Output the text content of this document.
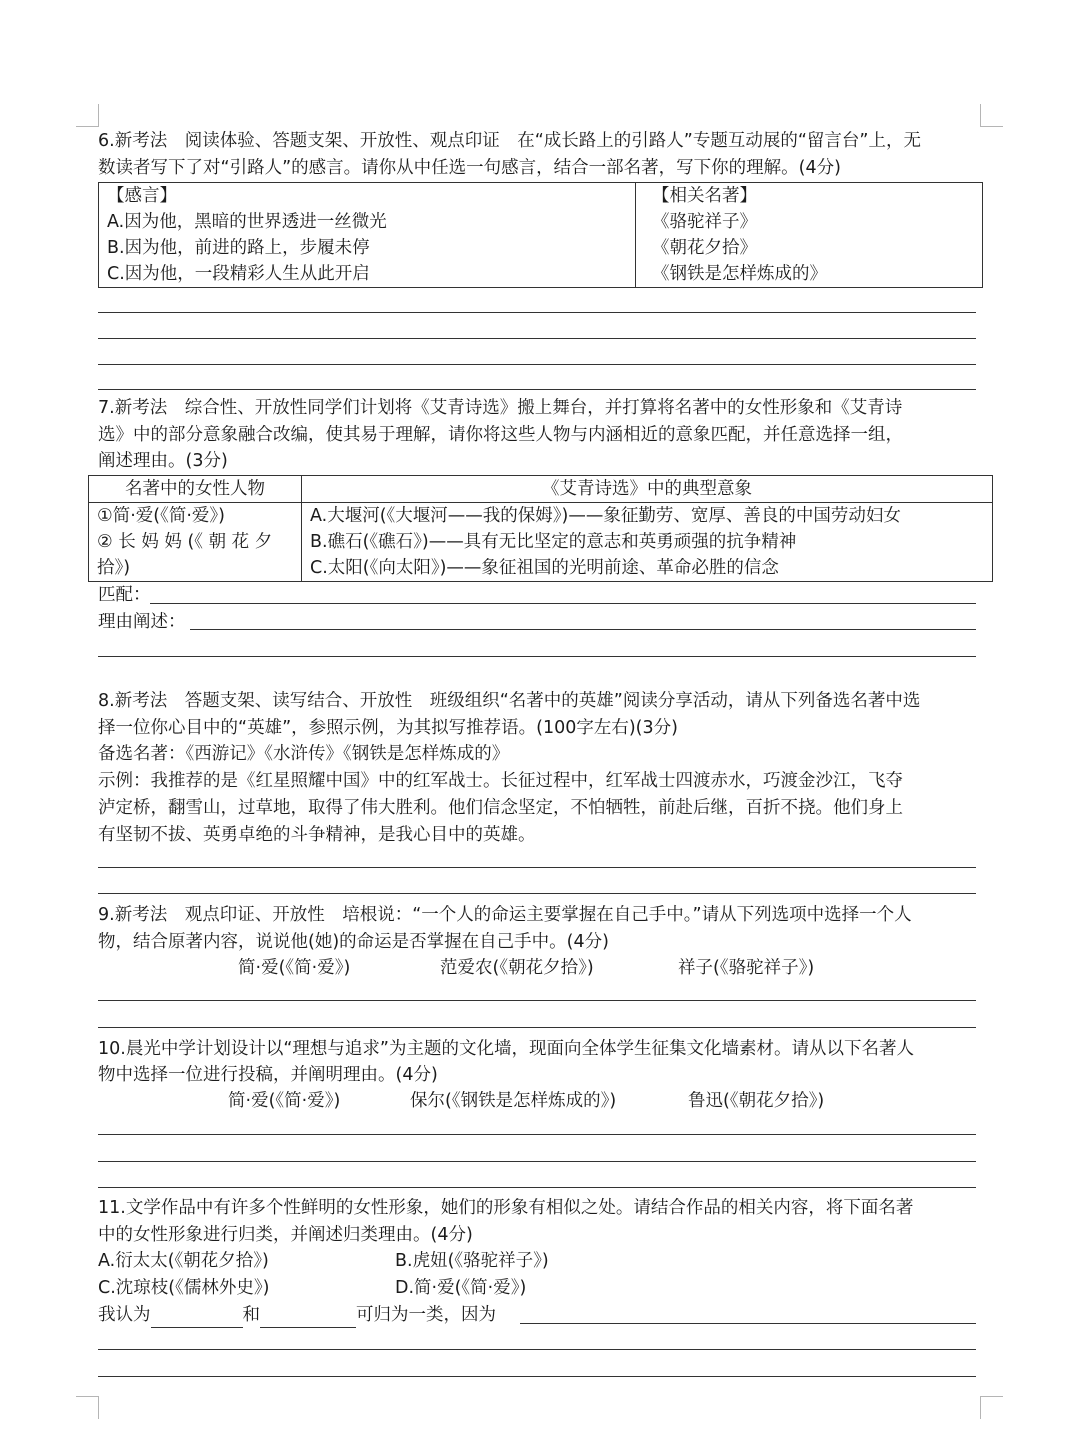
6.新考法　阅读体验、答题支架、开放性、观点印证　在“成长路上的引路人”专题互动展的“留言台”上，无
数读者写下了对“引路人”的感言。请你从中任选一句感言，结合一部名著，写下你的理解。(4分)
【感言】
A.因为他，黑暗的世界透进一丝微光
B.因为他，前进的路上，步履未停
C.因为他，一段精彩人生从此开启

【相关名著】
《骆驼祥子》
《朝花夕拾》
《钢铁是怎样炼成的》
7.新考法　综合性、开放性同学们计划将《艾青诗选》搬上舞台，并打算将名著中的女性形象和《艾青诗
选》中的部分意象融合改编，使其易于理解，请你将这些人物与内涵相近的意象匹配，并任意选择一组，
阐述理由。(3分)
名著中的女性人物	《艾青诗选》中的典型意象

①简·爱(《简·爱》)
② 长 妈 妈 (《 朝 花 夕
拾》)	A.大堰河(《大堰河——我的保姆》)——象征勤劳、宽厚、善良的中国劳动妇女
B.礁石(《礁石》)——具有无比坚定的意志和英勇顽强的抗争精神
C.太阳(《向太阳》)——象征祖国的光明前途、革命必胜的信念
匹配：
理由阐述：
8.新考法　答题支架、读写结合、开放性　班级组织“名著中的英雄”阅读分享活动，请从下列备选名著中选
择一位你心目中的“英雄”，参照示例，为其拟写推荐语。(100字左右)(3分)
备选名著：《西游记》《水浒传》《钢铁是怎样炼成的》
示例：我推荐的是《红星照耀中国》中的红军战士。长征过程中，红军战士四渡赤水，巧渡金沙江，飞夺
泸定桥，翻雪山，过草地，取得了伟大胜利。他们信念坚定，不怕牺牲，前赴后继，百折不挠。他们身上
有坚韧不拔、英勇卓绝的斗争精神，是我心目中的英雄。
9.新考法　观点印证、开放性　培根说：“一个人的命运主要掌握在自己手中。”请从下列选项中选择一个人
物，结合原著内容，说说他(她)的命运是否掌握在自己手中。(4分)
简·爱(《简·爱》)	范爱农(《朝花夕拾》)	祥子(《骆驼祥子》)
10.晨光中学计划设计以“理想与追求”为主题的文化墙，现面向全体学生征集文化墙素材。请从以下名著人
物中选择一位进行投稿，并阐明理由。(4分)
简·爱(《简·爱》)	保尔(《钢铁是怎样炼成的》)	鲁迅(《朝花夕拾》)
11.文学作品中有许多个性鲜明的女性形象，她们的形象有相似之处。请结合作品的相关内容，将下面名著
中的女性形象进行归类，并阐述归类理由。(4分)
A.衍太太(《朝花夕拾》)	B.虎妞(《骆驼祥子》)
C.沈琼枝(《儒林外史》)	D.简·爱(《简·爱》)
我认为	和	可归为一类，因为
